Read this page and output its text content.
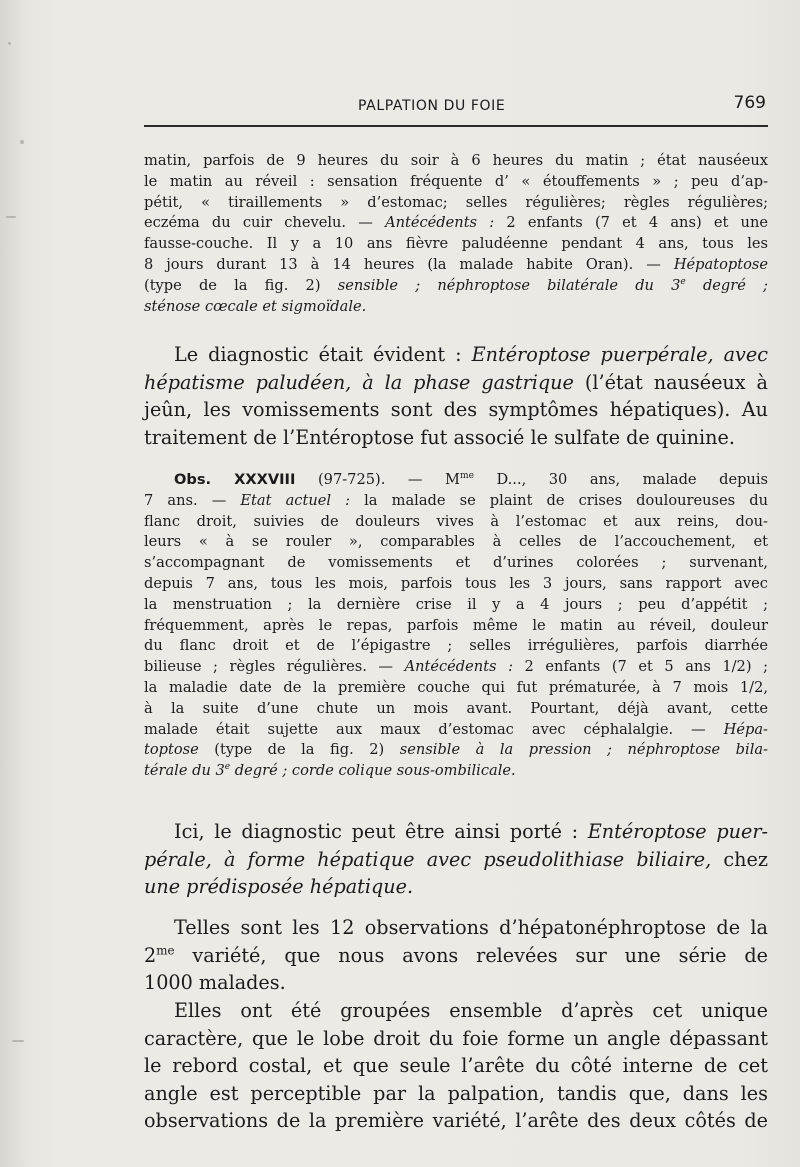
PALPATION DU FOIE	769
matin, parfois de 9 heures du soir à 6 heures du matin ; état nauséeux
le matin au réveil : sensation fréquente d’ « étouffements » ; peu d’ap-
pétit, « tiraillements » d’estomac; selles régulières; règles régulières;
eczéma du cuir chevelu. — Antécédents : 2 enfants (7 et 4 ans) et une
fausse-couche. Il y a 10 ans fièvre paludéenne pendant 4 ans, tous les
8 jours durant 13 à 14 heures (la malade habite Oran). — Hépatoptose
(type de la fig. 2) sensible ; néphroptose bilatérale du 3e degré ;
sténose cœcale et sigmoïdale.
Le diagnostic était évident : Entéroptose puerpérale, avec
hépatisme paludéen, à la phase gastrique (l’état nauséeux à
jeûn, les vomissements sont des symptômes hépatiques). Au
traitement de l’Entéroptose fut associé le sulfate de quinine.
Obs. XXXVIII (97-725). — $M^{me}$ D..., 30 ans, malade depuis
7 ans. — Etat actuel : la malade se plaint de crises douloureuses du
flanc droit, suivies de douleurs vives à l’estomac et aux reins, dou-
leurs « à se rouler », comparables à celles de l’accouchement, et
s’accompagnant de vomissements et d’urines colorées ; survenant,
depuis 7 ans, tous les mois, parfois tous les 3 jours, sans rapport avec
la menstruation ; la dernière crise il y a 4 jours ; peu d’appétit ;
fréquemment, après le repas, parfois même le matin au réveil, douleur
du flanc droit et de l’épigastre ; selles irrégulières, parfois diarrhée
bilieuse ; règles régulières. — Antécédents : 2 enfants (7 et 5 ans 1/2) ;
la maladie date de la première couche qui fut prématurée, à 7 mois 1/2,
à la suite d’une chute un mois avant. Pourtant, déjà avant, cette
malade était sujette aux maux d’estomac avec céphalalgie. — Hépa-
toptose (type de la fig. 2) sensible à la pression ; néphroptose bila-
térale du 3e degré ; corde colique sous-ombilicale.
Ici, le diagnostic peut être ainsi porté : Entéroptose puer-
pérale, à forme hépatique avec pseudolithiase biliaire, chez
une prédisposée hépatique.
Telles sont les 12 observations d’hépatonéphroptose de la
$2^{me}$ variété, que nous avons relevées sur une série de
1000 malades.
Elles ont été groupées ensemble d’après cet unique
caractère, que le lobe droit du foie forme un angle dépassant
le rebord costal, et que seule l’arête du côté interne de cet
angle est perceptible par la palpation, tandis que, dans les
observations de la première variété, l’arête des deux côtés de
